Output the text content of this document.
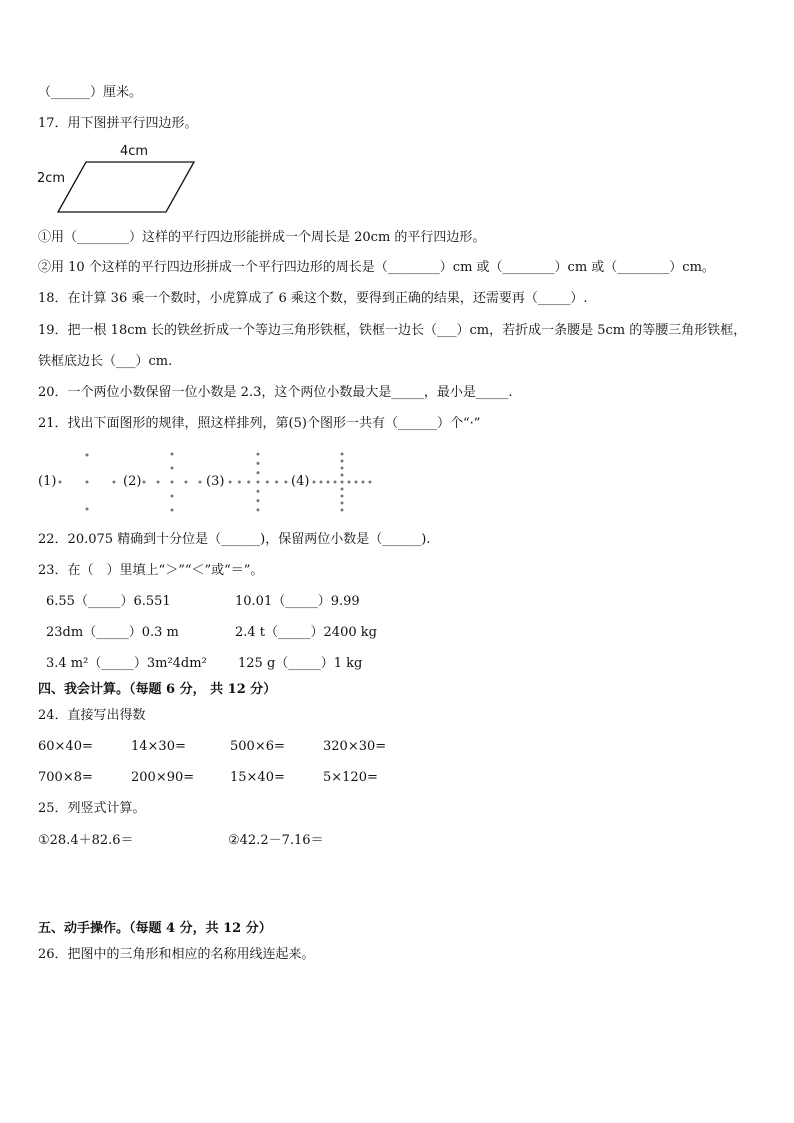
（______）厘米。
17．用下图拼平行四边形。
4cm
2cm
①用（________）这样的平行四边形能拼成一个周长是 20cm 的平行四边形。
②用 10 个这样的平行四边形拼成一个平行四边形的周长是（________）cm 或（________）cm 或（________）cm。
18．在计算 36 乘一个数时，小虎算成了 6 乘这个数，要得到正确的结果，还需要再（_____）.
19．把一根 18cm 长的铁丝折成一个等边三角形铁框，铁框一边长（___）cm，若折成一条腰是 5cm 的等腰三角形铁框，
铁框底边长（___）cm.
20．一个两位小数保留一位小数是 2.3，这个两位小数最大是_____，最小是_____.
21．找出下面图形的规律，照这样排列，第(5)个图形一共有（______）个“·”
(1)	(2)	(3)	(4)
22．20.075 精确到十分位是（______)，保留两位小数是（______).
23．在（　）里填上“＞”“＜”或“＝”。
6.55（_____）6.551	10.01（_____）9.99
23dm（_____）0.3 m	2.4 t（_____）2400 kg
3.4 m²（_____）3m²4dm² 125 g（_____）1 kg
四、我会计算。（每题 6 分， 共 12 分）
24．直接写出得数
60×40=	14×30=	500×6=	320×30=
700×8=	200×90=	15×40=	5×120=
25．列竖式计算。
①28.4＋82.6＝	②42.2－7.16＝
五、动手操作。（每题 4 分，共 12 分）
26．把图中的三角形和相应的名称用线连起来。
